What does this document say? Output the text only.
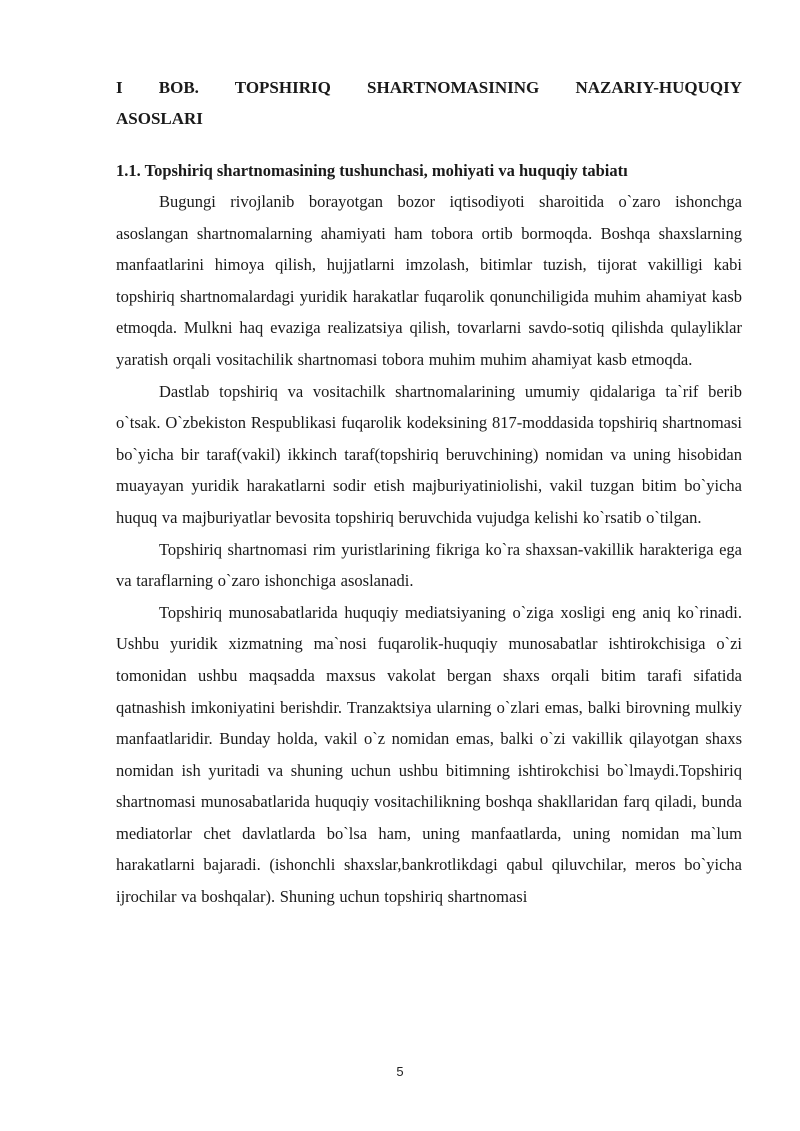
I BOB. TOPSHIRIQ SHARTNOMASINING NAZARIY-HUQUQIY
ASOSLARI
1.1. Topshiriq shartnomasining tushunchasi, mohiyati va huquqiy tabiatı

Bugungi rivojlanib borayotgan bozor iqtisodiyoti sharoitida o`zaro ishonchga asoslangan shartnomalarning ahamiyati ham tobora ortib bormoqda. Boshqa shaxslarning manfaatlarini himoya qilish, hujjatlarni imzolash, bitimlar tuzish, tijorat vakilligi kabi topshiriq shartnomalardagi yuridik harakatlar fuqarolik qonunchiligida muhim ahamiyat kasb etmoqda. Mulkni haq evaziga realizatsiya qilish, tovarlarni savdo-sotiq qilishda qulayliklar yaratish orqali vositachilik shartnomasi tobora muhim muhim ahamiyat kasb etmoqda.

Dastlab topshiriq va vositachilk shartnomalarining umumiy qidalariga ta`rif berib o`tsak. O`zbekiston Respublikasi fuqarolik kodeksining 817-moddasida topshiriq shartnomasi bo`yicha bir taraf(vakil) ikkinch taraf(topshiriq beruvchining) nomidan va uning hisobidan muayayan yuridik harakatlarni sodir etish majburiyatiniolishi, vakil tuzgan bitim bo`yicha huquq va majburiyatlar bevosita topshiriq beruvchida vujudga kelishi ko`rsatib o`tilgan.

Topshiriq shartnomasi rim yuristlarining fikriga ko`ra shaxsan-vakillik harakteriga ega va taraflarning o`zaro ishonchiga asoslanadi.

Topshiriq munosabatlarida huquqiy mediatsiyaning o`ziga xosligi eng aniq ko`rinadi. Ushbu yuridik xizmatning ma`nosi fuqarolik-huquqiy munosabatlar ishtirokchisiga o`zi tomonidan ushbu maqsadda maxsus vakolat bergan shaxs orqali bitim tarafi sifatida qatnashish imkoniyatini berishdir. Tranzaktsiya ularning o`zlari emas, balki birovning mulkiy manfaatlaridir. Bunday holda, vakil o`z nomidan emas, balki o`zi vakillik qilayotgan shaxs nomidan ish yuritadi va shuning uchun ushbu bitimning ishtirokchisi bo`lmaydi.Topshiriq shartnomasi munosabatlarida huquqiy vositachilikning boshqa shakllaridan farq qiladi, bunda mediatorlar chet davlatlarda bo`lsa ham, uning manfaatlarda, uning nomidan ma`lum harakatlarni bajaradi. (ishonchli shaxslar,bankrotlikdagi qabul qiluvchilar, meros bo`yicha ijrochilar va boshqalar). Shuning uchun topshiriq shartnomasi

5
